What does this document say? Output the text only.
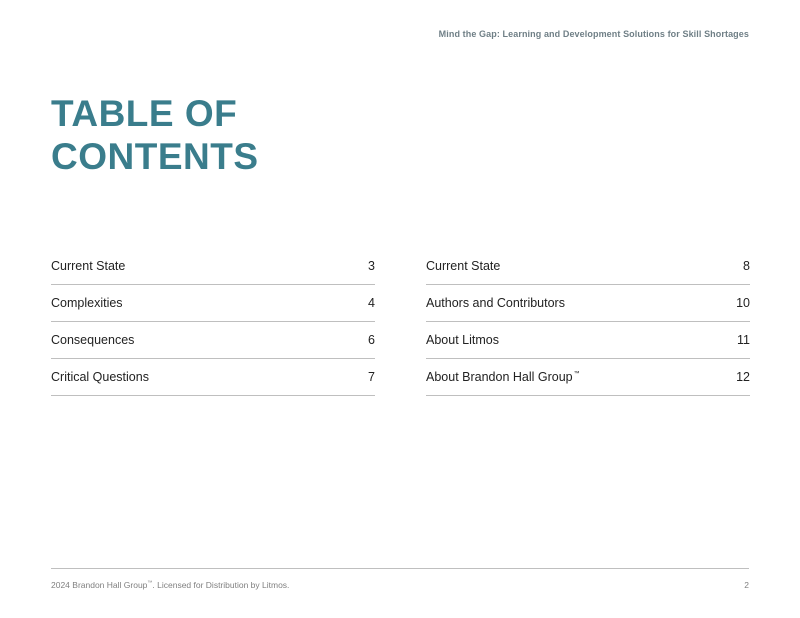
Mind the Gap: Learning and Development Solutions for Skill Shortages
TABLE OF
CONTENTS
Current State	3
Complexities	4
Consequences	6
Critical Questions	7
Current State	8
Authors and Contributors	10
About Litmos	11
About Brandon Hall Group™	12
2024 Brandon Hall Group™. Licensed for Distribution by Litmos.	2
